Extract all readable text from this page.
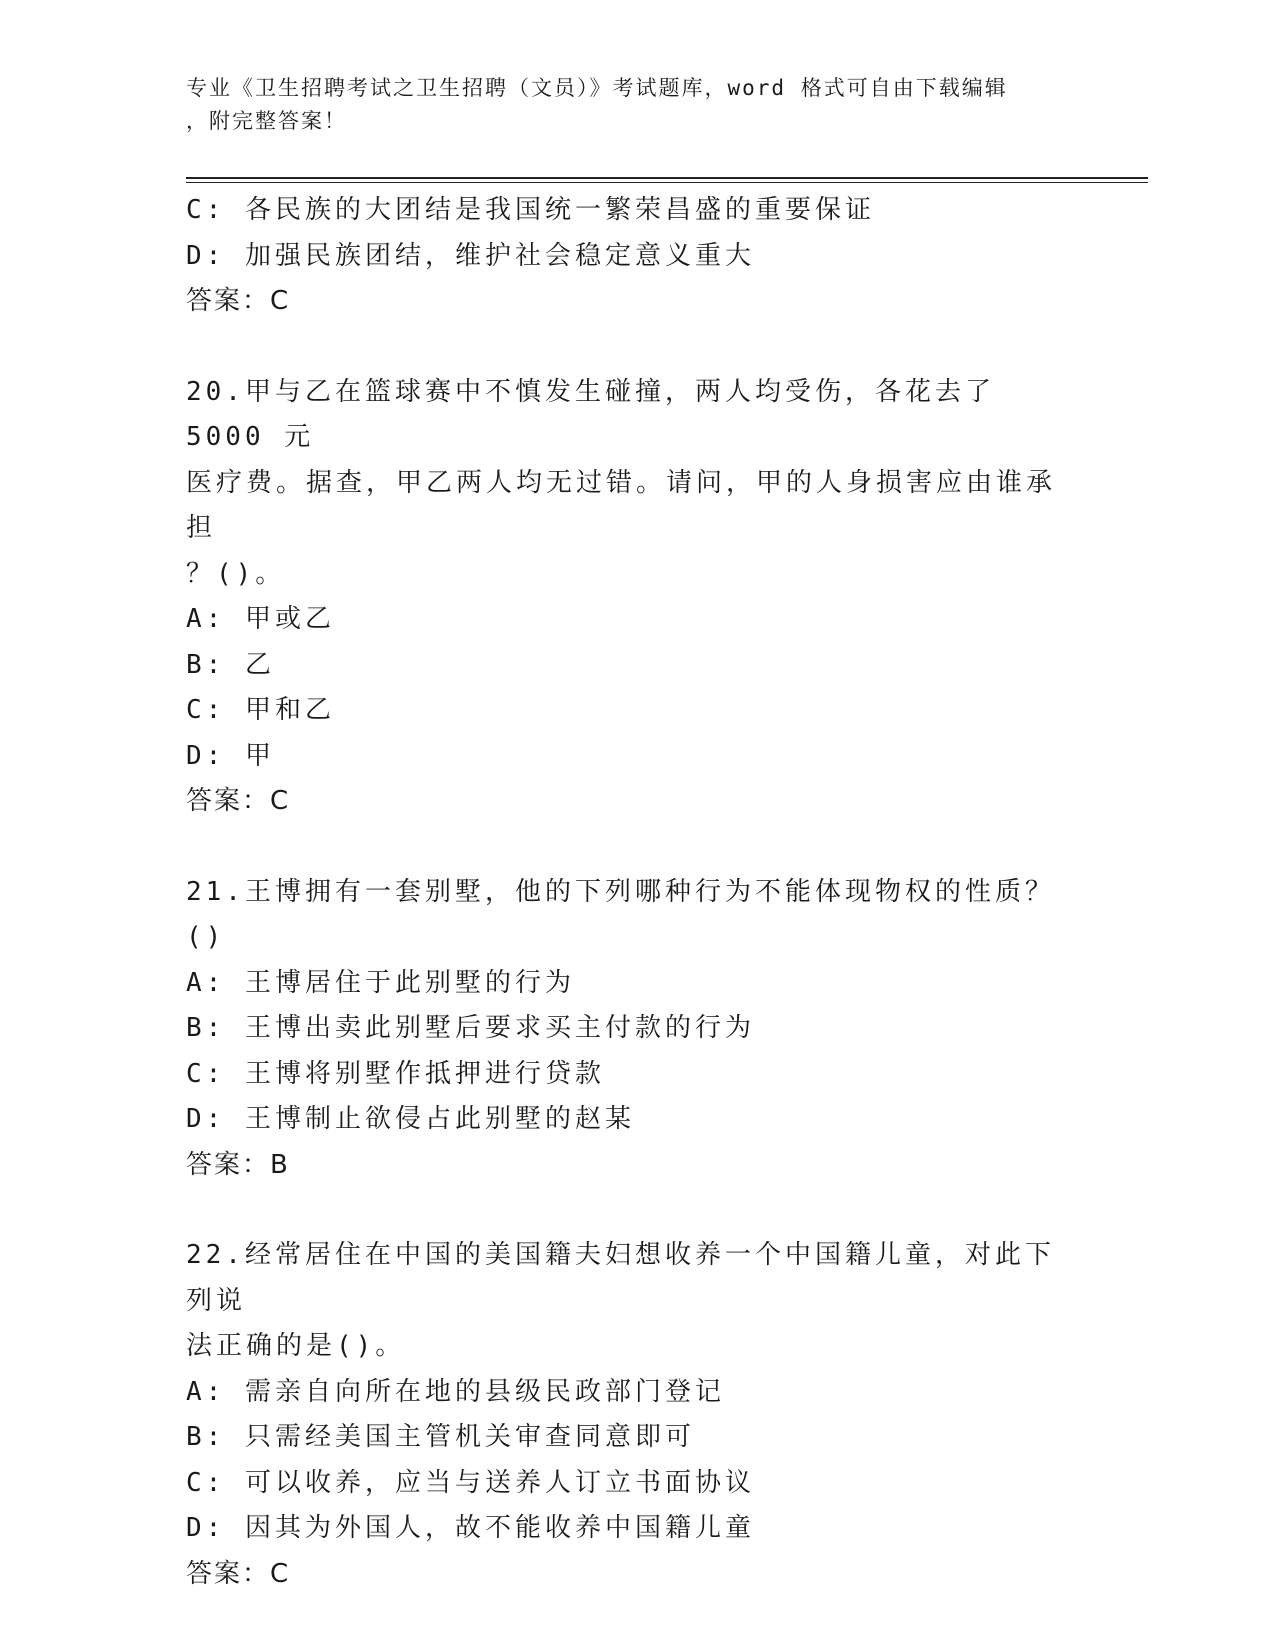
专业《卫生招聘考试之卫生招聘（文员）》考试题库，word 格式可自由下载编辑
，附完整答案！
C: 各民族的大团结是我国统一繁荣昌盛的重要保证
D: 加强民族团结，维护社会稳定意义重大
答案：C
20.甲与乙在篮球赛中不慎发生碰撞，两人均受伤，各花去了 5000 元
医疗费。据查，甲乙两人均无过错。请问，甲的人身损害应由谁承担
？()。
A: 甲或乙
B: 乙
C: 甲和乙
D: 甲
答案：C
21.王博拥有一套别墅，他的下列哪种行为不能体现物权的性质？()
A: 王博居住于此别墅的行为
B: 王博出卖此别墅后要求买主付款的行为
C: 王博将别墅作抵押进行贷款
D: 王博制止欲侵占此别墅的赵某
答案：B
22.经常居住在中国的美国籍夫妇想收养一个中国籍儿童，对此下列说
法正确的是()。
A: 需亲自向所在地的县级民政部门登记
B: 只需经美国主管机关审查同意即可
C: 可以收养，应当与送养人订立书面协议
D: 因其为外国人，故不能收养中国籍儿童
答案：C
